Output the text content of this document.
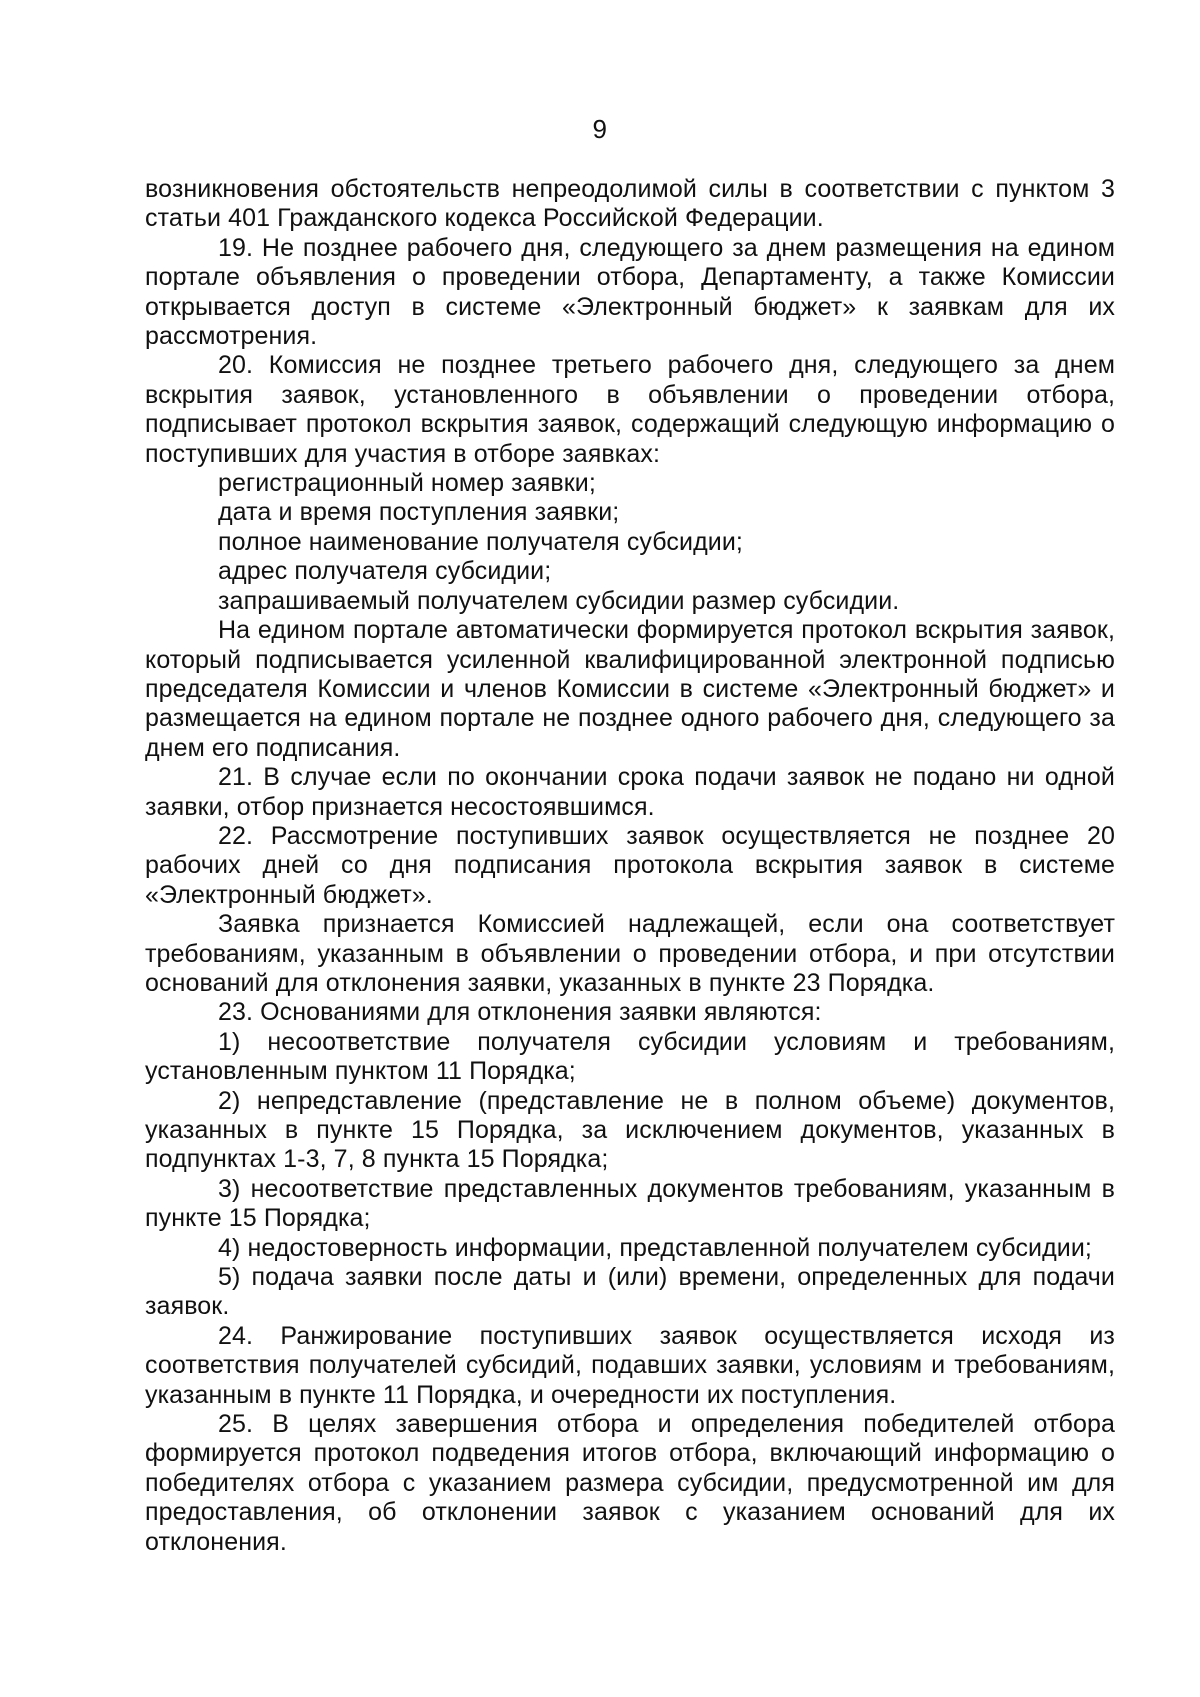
9

возникновения обстоятельств непреодолимой силы в соответствии с пунктом 3 статьи 401 Гражданского кодекса Российской Федерации.

19. Не позднее рабочего дня, следующего за днем размещения на едином портале объявления о проведении отбора, Департаменту, а также Комиссии открывается доступ в системе «Электронный бюджет» к заявкам для их рассмотрения.

20. Комиссия не позднее третьего рабочего дня, следующего за днем вскрытия заявок, установленного в объявлении о проведении отбора, подписывает протокол вскрытия заявок, содержащий следующую информацию о поступивших для участия в отборе заявках:

регистрационный номер заявки;

дата и время поступления заявки;

полное наименование получателя субсидии;

адрес получателя субсидии;

запрашиваемый получателем субсидии размер субсидии.

На едином портале автоматически формируется протокол вскрытия заявок, который подписывается усиленной квалифицированной электронной подписью председателя Комиссии и членов Комиссии в системе «Электронный бюджет» и размещается на едином портале не позднее одного рабочего дня, следующего за днем его подписания.

21. В случае если по окончании срока подачи заявок не подано ни одной заявки, отбор признается несостоявшимся.

22. Рассмотрение поступивших заявок осуществляется не позднее 20 рабочих дней со дня подписания протокола вскрытия заявок в системе «Электронный бюджет».

Заявка признается Комиссией надлежащей, если она соответствует требованиям, указанным в объявлении о проведении отбора, и при отсутствии оснований для отклонения заявки, указанных в пункте 23 Порядка.

23. Основаниями для отклонения заявки являются:

1) несоответствие получателя субсидии условиям и требованиям, установленным пунктом 11 Порядка;

2) непредставление (представление не в полном объеме) документов, указанных в пункте 15 Порядка, за исключением документов, указанных в подпунктах 1-3, 7, 8 пункта 15 Порядка;

3) несоответствие представленных документов требованиям, указанным в пункте 15 Порядка;

4) недостоверность информации, представленной получателем субсидии;

5) подача заявки после даты и (или) времени, определенных для подачи заявок.

24. Ранжирование поступивших заявок осуществляется исходя из соответствия получателей субсидий, подавших заявки, условиям и требованиям, указанным в пункте 11 Порядка, и очередности их поступления.

25. В целях завершения отбора и определения победителей отбора формируется протокол подведения итогов отбора, включающий информацию о победителях отбора с указанием размера субсидии, предусмотренной им для предоставления, об отклонении заявок с указанием оснований для их отклонения.
